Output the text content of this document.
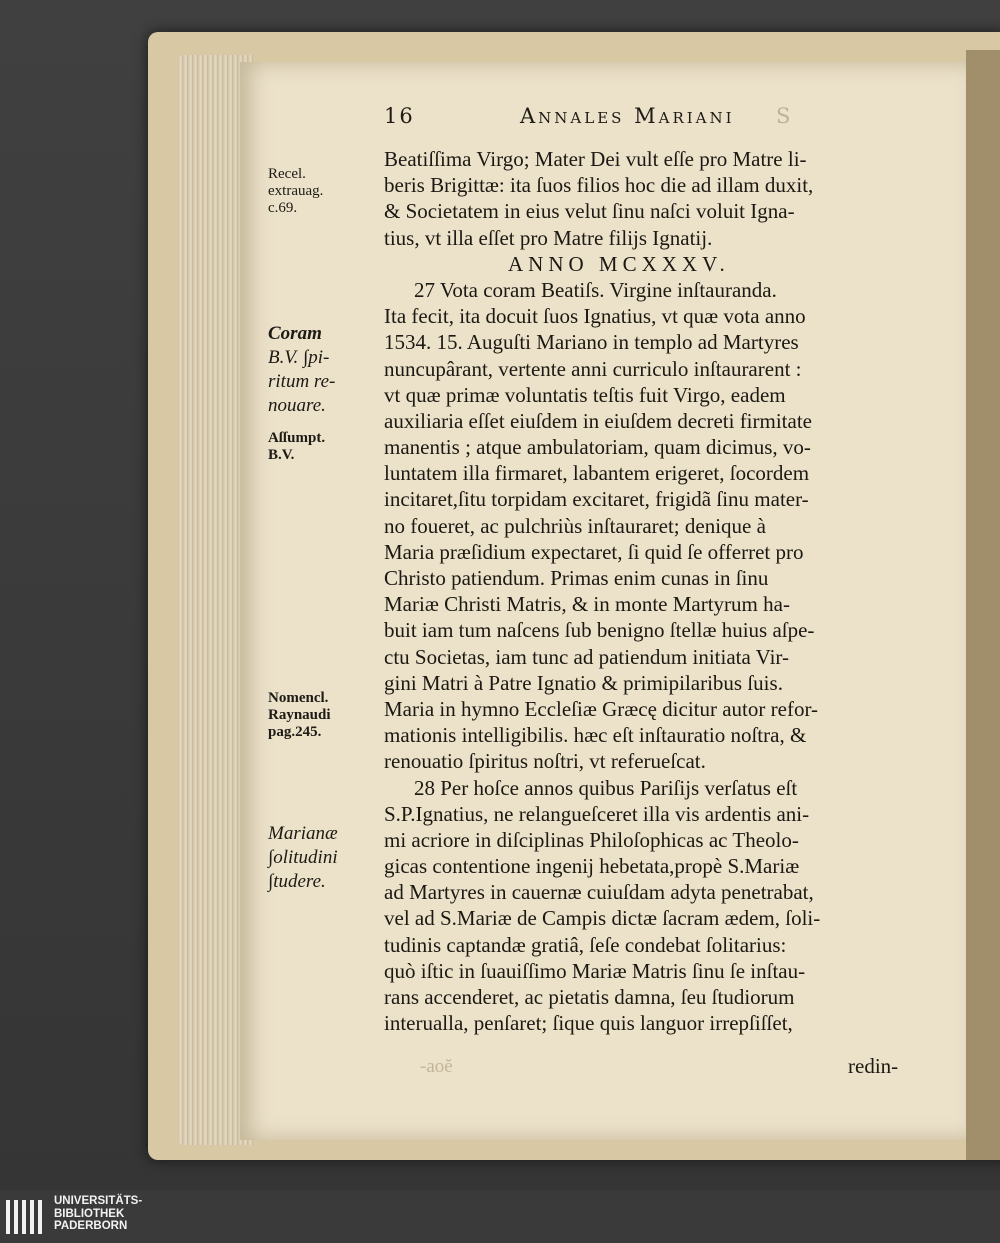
16	Annales Mariani S
Recel.
extrauag.
c.69.
Coram
B.V. ∫pi-
ritum re-
nouare.
Aſſumpt.
B.V.
Nomencl.
Raynaudi
pag.245.
Marianæ
∫olitudini
∫tudere.
Beatiſſima Virgo; Mater Dei vult eſſe pro Matre li-
beris Brigittæ: ita ſuos filios hoc die ad illam duxit,
& Societatem in eius velut ſinu naſci voluit Igna-
tius, vt illa eſſet pro Matre filijs Ignatij.
ANNO MCXXXV.
27 Vota coram Beatiſs. Virgine inſtauranda.
Ita fecit, ita docuit ſuos Ignatius, vt quæ vota anno
1534. 15. Auguſti Mariano in templo ad Martyres
nuncupârant, vertente anni curriculo inſtaurarent :
vt quæ primæ voluntatis teſtis fuit Virgo, eadem
auxiliaria eſſet eiuſdem in eiuſdem decreti firmitate
manentis ; atque ambulatoriam, quam dicimus, vo-
luntatem illa firmaret, labantem erigeret, ſocordem
incitaret,ſitu torpidam excitaret, frigidã ſinu mater-
no foueret, ac pulchriùs inſtauraret; denique à
Maria præſidium expectaret, ſi quid ſe offerret pro
Christo patiendum. Primas enim cunas in ſinu
Mariæ Christi Matris, & in monte Martyrum ha-
buit iam tum naſcens ſub benigno ſtellæ huius aſpe-
ctu Societas, iam tunc ad patiendum initiata Vir-
gini Matri à Patre Ignatio & primipilaribus ſuis.
Maria in hymno Eccleſiæ Græcę dicitur autor refor-
mationis intelligibilis. hæc eſt inſtauratio noſtra, &
renouatio ſpiritus noſtri, vt referueſcat.
28 Per hoſce annos quibus Pariſijs verſatus eſt
S.P.Ignatius, ne relangueſceret illa vis ardentis ani-
mi acriore in diſciplinas Philoſophicas ac Theolo-
gicas contentione ingenij hebetata,propè S.Mariæ
ad Martyres in cauernæ cuiuſdam adyta penetrabat,
vel ad S.Mariæ de Campis dictæ ſacram ædem, ſoli-
tudinis captandæ gratiâ, ſeſe condebat ſolitarius:
quò iſtic in ſuauiſſimo Mariæ Matris ſinu ſe inſtau-
rans accenderet, ac pietatis damna, ſeu ſtudiorum
interualla, penſaret; ſique quis languor irrepſiſſet,
-aoĕ	redin-
UNIVERSITÄTS-
BIBLIOTHEK
PADERBORN
